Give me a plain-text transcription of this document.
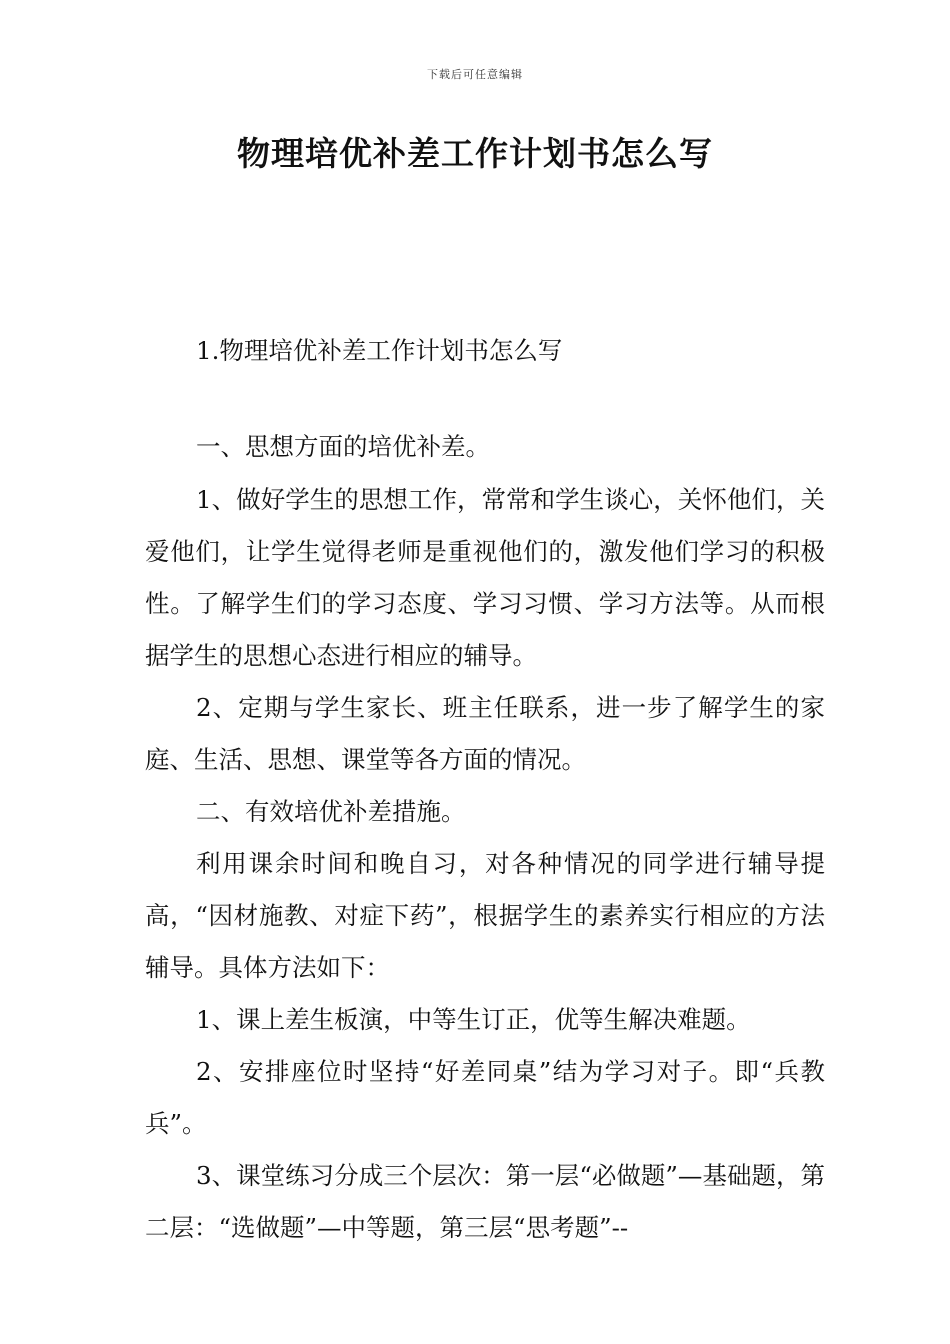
下载后可任意编辑
物理培优补差工作计划书怎么写
1.物理培优补差工作计划书怎么写
一、思想方面的培优补差。
1、做好学生的思想工作，常常和学生谈心，关怀他们，关爱他们，让学生觉得老师是重视他们的，激发他们学习的积极性。了解学生们的学习态度、学习习惯、学习方法等。从而根据学生的思想心态进行相应的辅导。
2、定期与学生家长、班主任联系，进一步了解学生的家庭、生活、思想、课堂等各方面的情况。
二、有效培优补差措施。
利用课余时间和晚自习，对各种情况的同学进行辅导提高，“因材施教、对症下药”，根据学生的素养实行相应的方法辅导。具体方法如下：
1、课上差生板演，中等生订正，优等生解决难题。
2、安排座位时坚持“好差同桌”结为学习对子。即“兵教兵”。
3、课堂练习分成三个层次：第一层“必做题”—基础题，第二层：“选做题”—中等题，第三层“思考题”--
